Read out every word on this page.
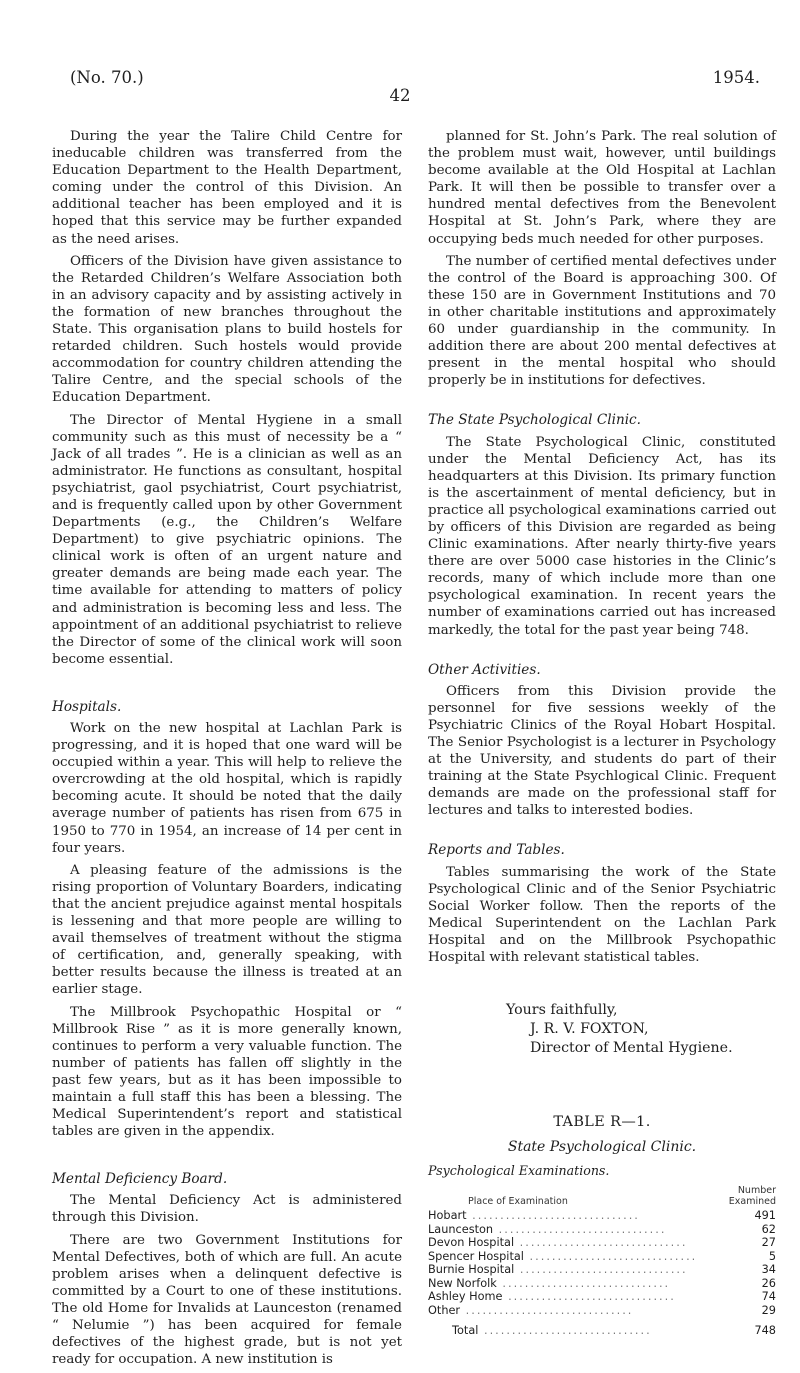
(No. 70.)	1954.
42

During the year the Talire Child Centre for ineducable children was transferred from the Education Department to the Health Department, coming under the control of this Division. An additional teacher has been employed and it is hoped that this service may be further expanded as the need arises.

Officers of the Division have given assistance to the Retarded Children’s Welfare Association both in an advisory capacity and by assisting actively in the formation of new branches throughout the State. This organisation plans to build hostels for retarded children. Such hostels would provide accommodation for country children attending the Talire Centre, and the special schools of the Education Department.

The Director of Mental Hygiene in a small community such as this must of necessity be a “ Jack of all trades ”. He is a clinician as well as an administrator. He functions as consultant, hospital psychiatrist, gaol psychiatrist, Court psychiatrist, and is frequently called upon by other Government Departments (e.g., the Children’s Welfare Department) to give psychiatric opinions. The clinical work is often of an urgent nature and greater demands are being made each year. The time available for attending to matters of policy and administration is becoming less and less. The appointment of an additional psychiatrist to relieve the Director of some of the clinical work will soon become essential.

Hospitals.

Work on the new hospital at Lachlan Park is progressing, and it is hoped that one ward will be occupied within a year. This will help to relieve the overcrowding at the old hospital, which is rapidly becoming acute. It should be noted that the daily average number of patients has risen from 675 in 1950 to 770 in 1954, an increase of 14 per cent in four years.

A pleasing feature of the admissions is the rising proportion of Voluntary Boarders, indicating that the ancient prejudice against mental hospitals is lessening and that more people are willing to avail themselves of treatment without the stigma of certification, and, generally speaking, with better results because the illness is treated at an earlier stage.

The Millbrook Psychopathic Hospital or “ Millbrook Rise ” as it is more generally known, continues to perform a very valuable function. The number of patients has fallen off slightly in the past few years, but as it has been impossible to maintain a full staff this has been a blessing. The Medical Superintendent’s report and statistical tables are given in the appendix.

Mental Deficiency Board.

The Mental Deficiency Act is administered through this Division.

There are two Government Institutions for Mental Defectives, both of which are full. An acute problem arises when a delinquent defective is committed by a Court to one of these institutions. The old Home for Invalids at Launceston (renamed “ Nelumie ”) has been acquired for female defectives of the highest grade, but is not yet ready for occupation. A new institution is

planned for St. John’s Park. The real solution of the problem must wait, however, until buildings become available at the Old Hospital at Lachlan Park. It will then be possible to transfer over a hundred mental defectives from the Benevolent Hospital at St. John’s Park, where they are occupying beds much needed for other purposes.

The number of certified mental defectives under the control of the Board is approaching 300. Of these 150 are in Government Institutions and 70 in other charitable institutions and approximately 60 under guardianship in the community. In addition there are about 200 mental defectives at present in the mental hospital who should properly be in institutions for defectives.

The State Psychological Clinic.

The State Psychological Clinic, constituted under the Mental Deficiency Act, has its headquarters at this Division. Its primary function is the ascertainment of mental deficiency, but in practice all psychological examinations carried out by officers of this Division are regarded as being Clinic examinations. After nearly thirty-five years there are over 5000 case histories in the Clinic’s records, many of which include more than one psychological examination. In recent years the number of examinations carried out has increased markedly, the total for the past year being 748.

Other Activities.

Officers from this Division provide the personnel for five sessions weekly of the Psychiatric Clinics of the Royal Hobart Hospital. The Senior Psychologist is a lecturer in Psychology at the University, and students do part of their training at the State Psychlogical Clinic. Frequent demands are made on the professional staff for lectures and talks to interested bodies.

Reports and Tables.

Tables summarising the work of the State Psychological Clinic and of the Senior Psychiatric Social Worker follow. Then the reports of the Medical Superintendent on the Lachlan Park Hospital and on the Millbrook Psychopathic Hospital with relevant statistical tables.

Yours faithfully,
J. R. V. FOXTON,
Director of Mental Hygiene.
TABLE R—1.
State Psychological Clinic.
Psychological Examinations.
Place of Examination	Number Examined
Hobart ..............................	491
Launceston ..............................	62
Devon Hospital ..............................	27
Spencer Hospital ..............................	5
Burnie Hospital ..............................	34
New Norfolk ..............................	26
Ashley Home ..............................	74
Other ..............................	29
Total ..............................	748
